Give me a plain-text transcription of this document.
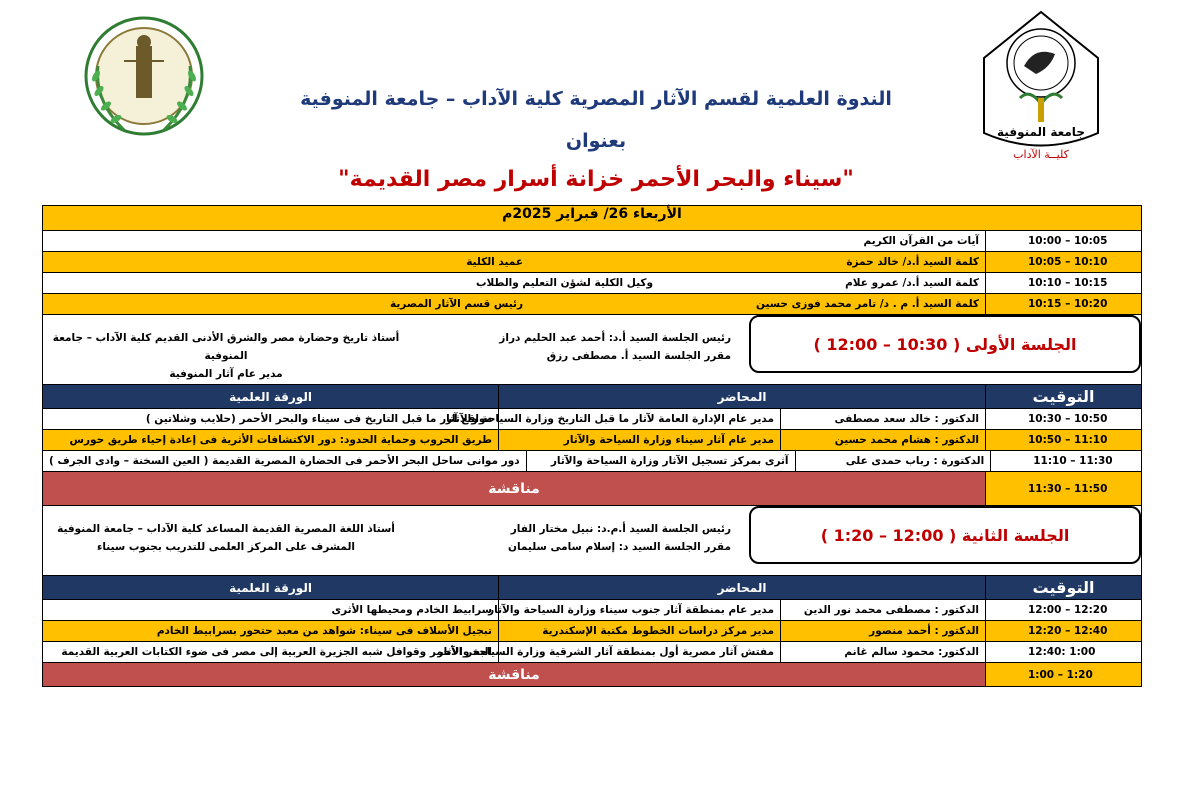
الندوة العلمية لقسم الآثار المصرية كلية الآداب – جامعة المنوفية
بعنوان
"سيناء والبحر الأحمر خزانة أسرار مصر القديمة"
جامعة المنوفية
كليــة الآداب
الأربعاء 26/ فبراير 2025م
10:00 – 10:05
آيات من القرآن الكريم
10:05 – 10:10
كلمة السيد أ.د/ خالد حمزة
عميد الكلية
10:10 – 10:15
كلمة السيد أ.د/ عمرو علام
وكيل الكلية لشؤن التعليم والطلاب
10:15 – 10:20
كلمة السيد أ. م . د/ تامر محمد فوزى حسين
رئيس قسم الآثار المصرية
الجلسة الأولى ( 10:30 – 12:00 )
رئيس الجلسة السيد أ.د: أحمد عبد الحليم دراز
مقرر الجلسة السيد أ. مصطفى رزق
أستاذ تاريخ وحضارة مصر والشرق الأدنى القديم كلية الآداب – جامعة المنوفية
مدير عام آثار المنوفية
التوقيت
المحاضر
الورقة العلمية
10:30 – 10:50
الدكتور : خالد سعد مصطفى
مدير عام الإدارة العامة لآثار ما قبل التاريخ وزارة السياحة والآثار
مواقع آثار ما قبل التاريخ فى سيناء والبحر الأحمر (حلايب وشلاتين )
10:50 – 11:10
الدكتور : هشام محمد حسين
مدير عام آثار سيناء وزارة السياحة والآثار
طريق الحروب وحماية الحدود: دور الاكتشافات الأثرية فى إعادة إحياء طريق حورس
11:10 – 11:30
الدكتورة : رباب حمدى على
آثرى بمركز تسجيل الآثار وزارة السياحة والآثار
دور موانى ساحل البحر الأحمر فى الحضارة المصرية القديمة ( العين السخنة – وادى الجرف )
11:30 – 11:50
مناقشة
الجلسة الثانية ( 12:00 – 1:20 )
رئيس الجلسة السيد أ.م.د: نبيل مختار الفار
مقرر الجلسة السيد د: إسلام سامى سليمان
أستاذ اللغة المصرية القديمة المساعد كلية الآداب – جامعة المنوفية
المشرف على المركز العلمى للتدريب بجنوب سيناء
التوقيت
المحاضر
الورقة العلمية
12:00 – 12:20
الدكتور : مصطفى محمد نور الدين
مدير عام بمنطقة آثار جنوب سيناء وزارة السياحة والآثار
سرابيط الخادم ومحيطها الأثرى
12:20 – 12:40
الدكتور : أحمد منصور
مدير مركز دراسات الخطوط مكتبة الإسكندرية
تبجيل الأسلاف فى سيناء: شواهد من معبد حتحور بسرابيط الخادم
12:40: 1:00
الدكتور: محمود سالم غانم
مفتش آثار مصرية أول بمنطقة آثار الشرقية وزارة السياحة والآثار
البحر الأحمر وقوافل شبه الجزيرة العربية إلى مصر فى ضوء الكتابات العربية القديمة
1:00 – 1:20
مناقشة
